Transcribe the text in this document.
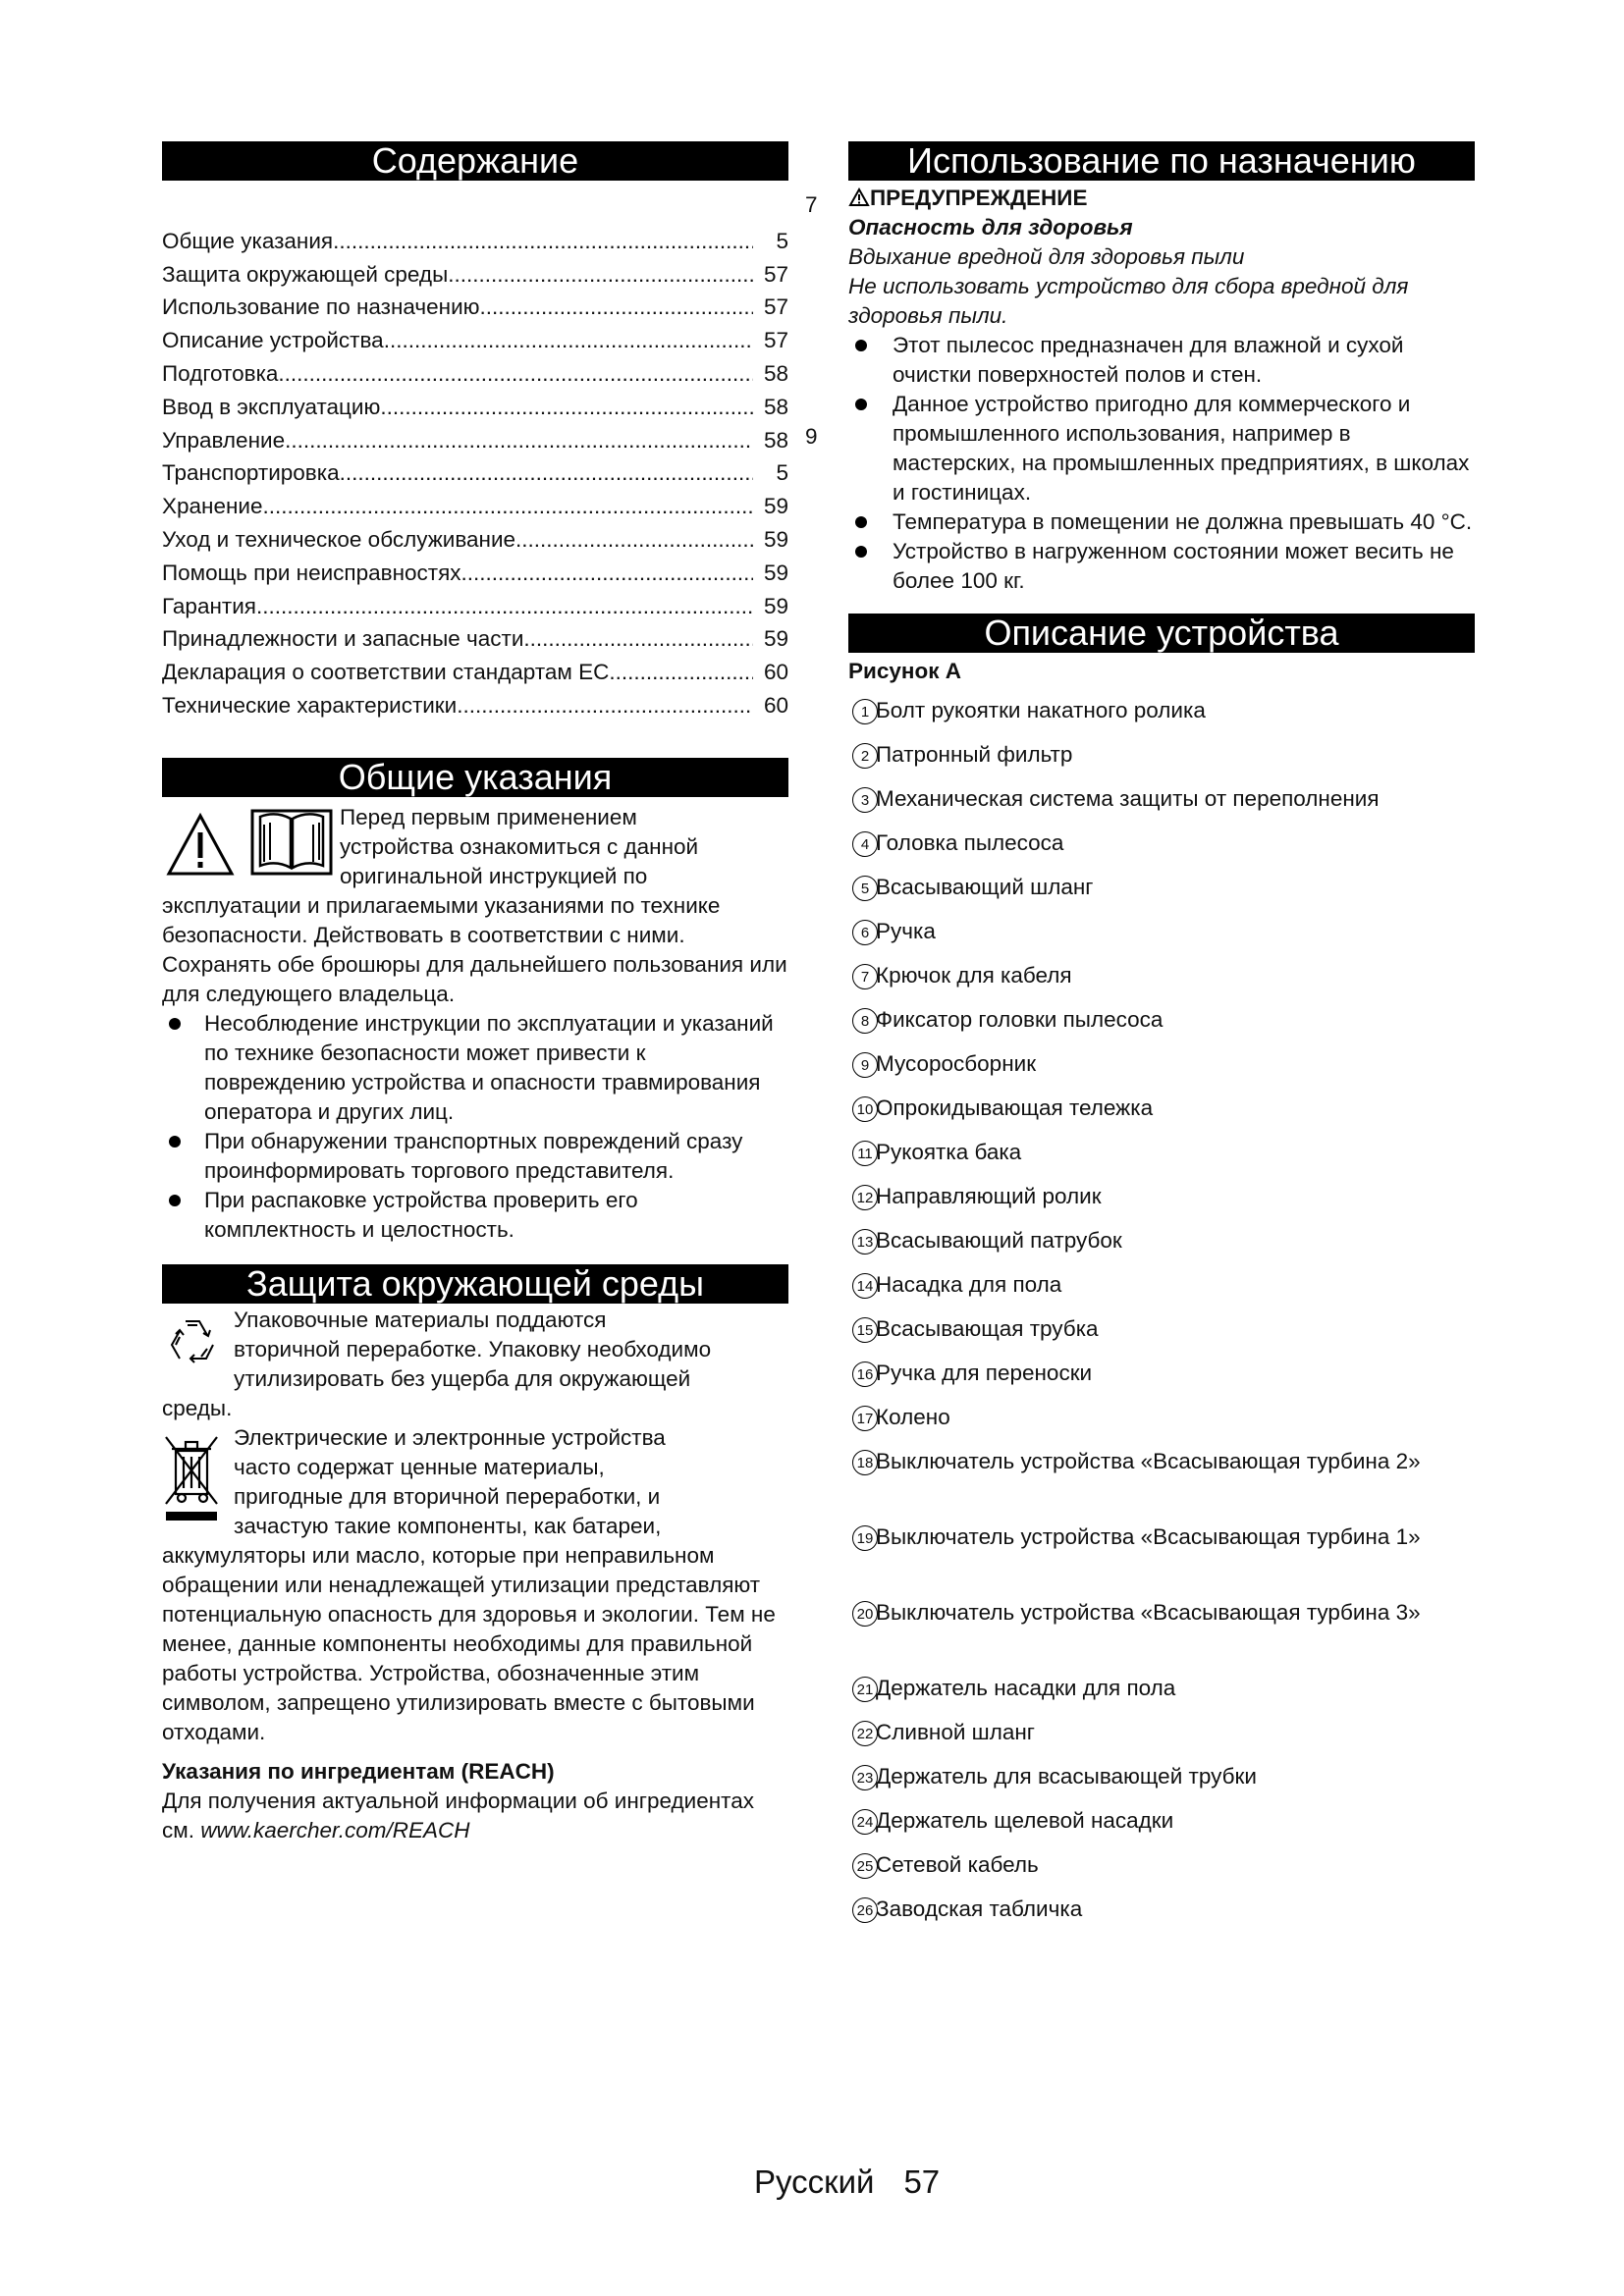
Содержание
Общие указания .....	5
Защита окружающей среды .....	57
Использование по назначению .....	57
Описание устройства .....	57
Подготовка .....	58
Ввод в эксплуатацию .....	58
Управление .....	58
Транспортировка .....	5
Хранение .....	59
Уход и техническое обслуживание .....	59
Помощь при неисправностях .....	59
Гарантия .....	59
Принадлежности и запасные части .....	59
Декларация о соответствии стандартам ЕС .....	60
Технические характеристики .....	60
Общие указания
Перед первым применением
устройства ознакомиться с данной
оригинальной инструкцией по
эксплуатации и прилагаемыми указаниями по технике безопасности. Действовать в соответствии с ними.
Сохранять обе брошюры для дальнейшего пользования или для следующего владельца.
Несоблюдение инструкции по эксплуатации и указаний по технике безопасности может привести к повреждению устройства и опасности травмирования оператора и других лиц.
При обнаружении транспортных повреждений сразу проинформировать торгового представителя.
При распаковке устройства проверить его комплектность и целостность.
Защита окружающей среды
Упаковочные материалы поддаются
вторичной переработке. Упаковку необходимо
утилизировать без ущерба для окружающей
среды.
Электрические и электронные устройства
часто содержат ценные материалы,
пригодные для вторичной переработки, и
зачастую такие компоненты, как батареи,
аккумуляторы или масло, которые при неправильном обращении или ненадлежащей утилизации представляют потенциальную опасность для здоровья и экологии. Тем не менее, данные компоненты необходимы для правильной работы устройства. Устройства, обозначенные этим символом, запрещено утилизировать вместе с бытовыми отходами.
Указания по ингредиентам (REACH)
Для получения актуальной информации об ингредиентах см. www.kaercher.com/REACH
7
9
Использование по назначению
ПРЕДУПРЕЖДЕНИЕ
Опасность для здоровья
Вдыхание вредной для здоровья пыли
Не использовать устройство для сбора вредной для здоровья пыли.
Этот пылесос предназначен для влажной и сухой очистки поверхностей полов и стен.
Данное устройство пригодно для коммерческого и промышленного использования, например в мастерских, на промышленных предприятиях, в школах и гостиницах.
Температура в помещении не должна превышать 40 °C.
Устройство в нагруженном состоянии может весить не более 100 кг.
Описание устройства
Рисунок A
1 Болт рукоятки накатного ролика
2 Патронный фильтр
3 Механическая система защиты от переполнения
4 Головка пылесоса
5 Всасывающий шланг
6 Ручка
7 Крючок для кабеля
8 Фиксатор головки пылесоса
9 Мусоросборник
10 Опрокидывающая тележка
11 Рукоятка бака
12 Направляющий ролик
13 Всасывающий патрубок
14 Насадка для пола
15 Всасывающая трубка
16 Ручка для переноски
17 Колено
18 Выключатель устройства «Всасывающая турбина 2»
19 Выключатель устройства «Всасывающая турбина 1»
20 Выключатель устройства «Всасывающая турбина 3»
21 Держатель насадки для пола
22 Сливной шланг
23 Держатель для всасывающей трубки
24 Держатель щелевой насадки
25 Сетевой кабель
26 Заводская табличка
Русский 57
